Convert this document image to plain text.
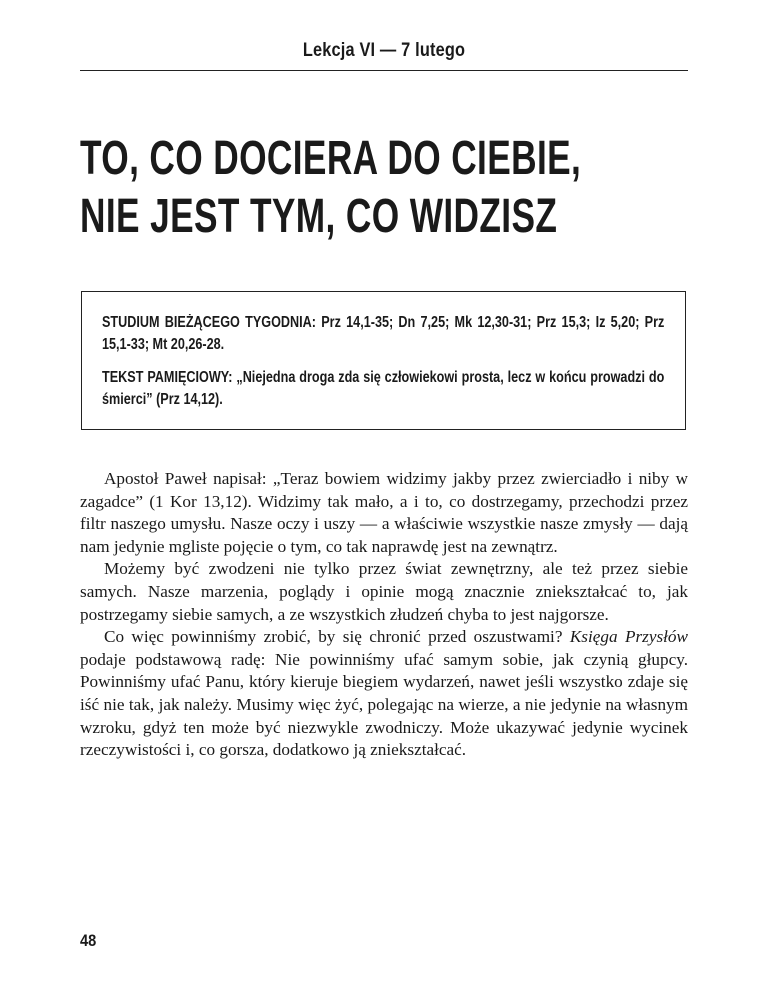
Lekcja VI — 7 lutego
TO, CO DOCIERA DO CIEBIE,
NIE JEST TYM, CO WIDZISZ

STUDIUM BIEŻĄCEGO TYGODNIA: Prz 14,1-35; Dn 7,25; Mk 12,30-31; Prz 15,3; Iz 5,20; Prz 15,1-33; Mt 20,26-28.

TEKST PAMIĘCIOWY: „Niejedna droga zda się człowiekowi prosta, lecz w końcu prowadzi do śmierci” (Prz 14,12).

Apostoł Paweł napisał: „Teraz bowiem widzimy jakby przez zwierciadło i niby w zagadce” (1 Kor 13,12). Widzimy tak mało, a i to, co dostrzegamy, przechodzi przez filtr naszego umysłu. Nasze oczy i uszy — a właściwie wszystkie nasze zmysły — dają nam jedynie mgliste pojęcie o tym, co tak naprawdę jest na zewnątrz.

Możemy być zwodzeni nie tylko przez świat zewnętrzny, ale też przez siebie samych. Nasze marzenia, poglądy i opinie mogą znacznie zniekształcać to, jak postrzegamy siebie samych, a ze wszystkich złudzeń chyba to jest najgorsze.

Co więc powinniśmy zrobić, by się chronić przed oszustwami? Księga Przysłów podaje podstawową radę: Nie powinniśmy ufać samym sobie, jak czynią głupcy. Powinniśmy ufać Panu, który kieruje biegiem wydarzeń, nawet jeśli wszystko zdaje się iść nie tak, jak należy. Musimy więc żyć, polegając na wierze, a nie jedynie na własnym wzroku, gdyż ten może być niezwykle zwodniczy. Może ukazywać jedynie wycinek rzeczywistości i, co gorsza, dodatkowo ją zniekształcać.

48
